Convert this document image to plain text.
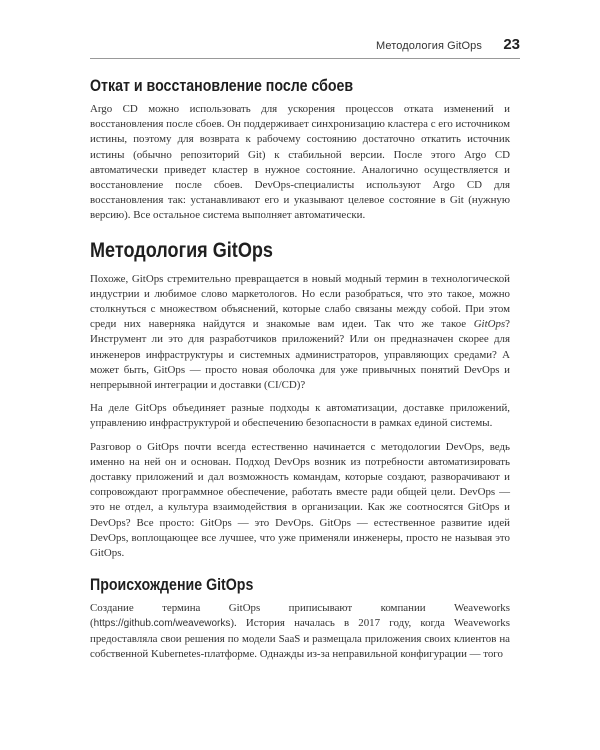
Методология GitOps 23
Откат и восстановление после сбоев

Argo CD можно использовать для ускорения процессов отката изменений и восстановления после сбоев. Он поддерживает синхронизацию кластера с его источником истины, поэтому для возврата к рабочему состоянию достаточно откатить источник истины (обычно репозиторий Git) к стабильной версии. После этого Argo CD автоматически приведет кластер в нужное состояние. Аналогично осуществляется и восстановление после сбоев. DevOps-специалисты используют Argo CD для восстановления так: устанавливают его и указывают целевое состояние в Git (нужную версию). Все остальное система выполняет автоматически.

Методология GitOps

Похоже, GitOps стремительно превращается в новый модный термин в технологической индустрии и любимое слово маркетологов. Но если разобраться, что это такое, можно столкнуться с множеством объяснений, которые слабо связаны между собой. При этом среди них наверняка найдутся и знакомые вам идеи. Так что же такое GitOps? Инструмент ли это для разработчиков приложений? Или он предназначен скорее для инженеров инфраструктуры и системных администраторов, управляющих средами? А может быть, GitOps — просто новая оболочка для уже привычных понятий DevOps и непрерывной интеграции и доставки (CI/CD)?

На деле GitOps объединяет разные подходы к автоматизации, доставке приложений, управлению инфраструктурой и обеспечению безопасности в рамках единой системы.

Разговор о GitOps почти всегда естественно начинается с методологии DevOps, ведь именно на ней он и основан. Подход DevOps возник из потребности автоматизировать доставку приложений и дал возможность командам, которые создают, разворачивают и сопровождают программное обеспечение, работать вместе ради общей цели. DevOps — это не отдел, а культура взаимодействия в организации. Как же соотносятся GitOps и DevOps? Все просто: GitOps — это DevOps. GitOps — естественное развитие идей DevOps, воплощающее все лучшее, что уже применяли инженеры, просто не называя это GitOps.

Происхождение GitOps

Создание термина GitOps приписывают компании Weaveworks (https://github.com/weaveworks). История началась в 2017 году, когда Weaveworks предоставляла свои решения по модели SaaS и размещала приложения своих клиентов на собственной Kubernetes-платформе. Однажды из-за неправильной конфигурации — того
